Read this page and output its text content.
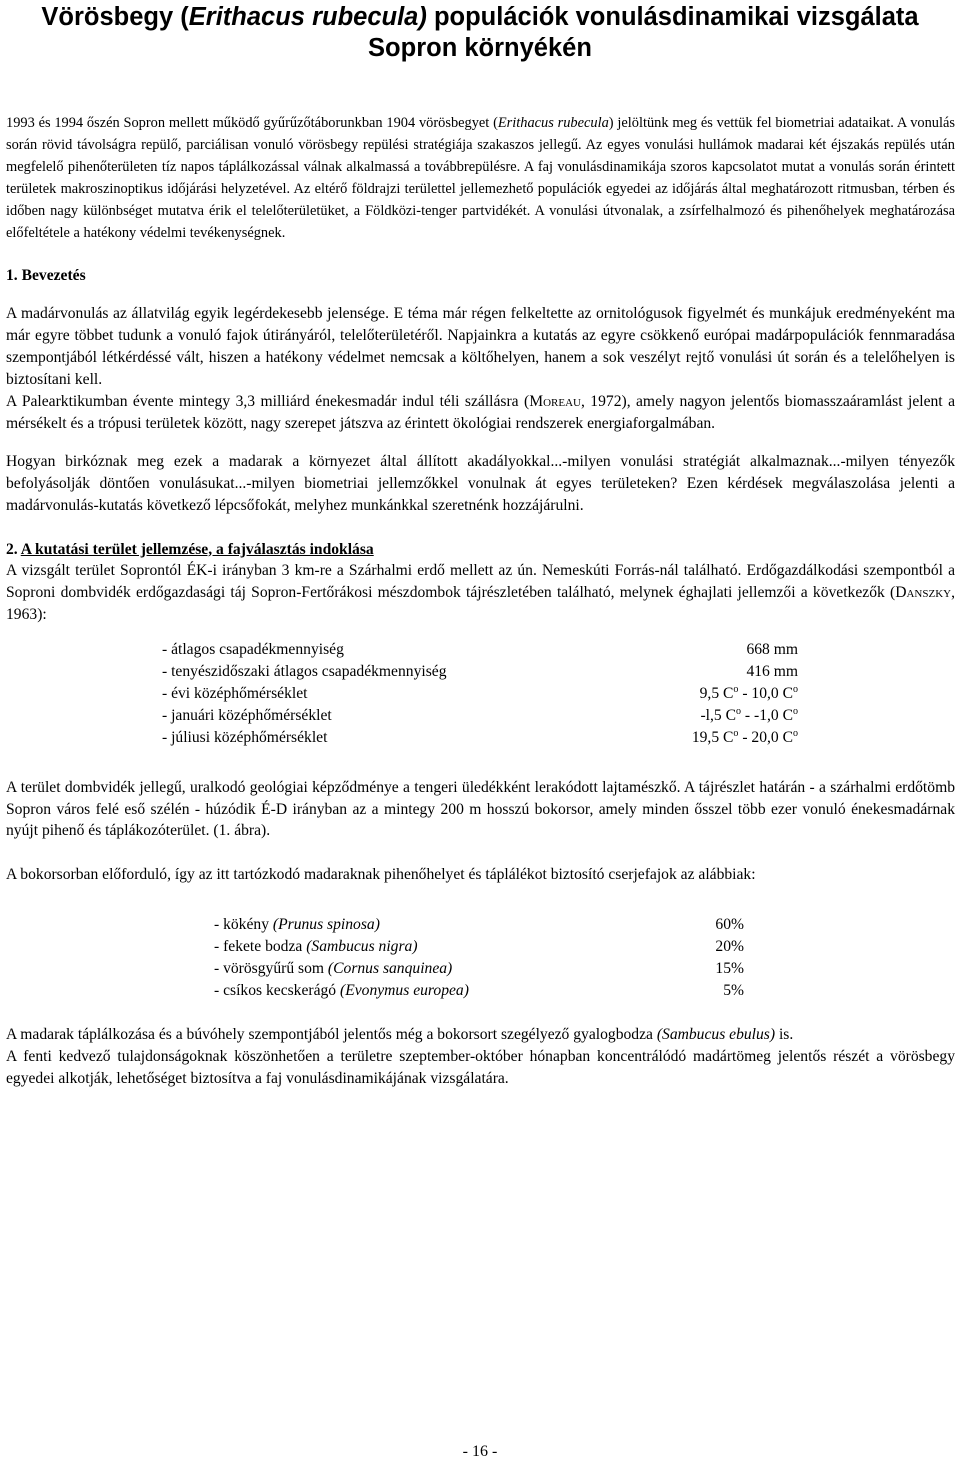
Vörösbegy (Erithacus rubecula) populációk vonulásdinamikai vizsgálata
Sopron környékén

1993 és 1994 őszén Sopron mellett működő gyűrűzőtáborunkban 1904 vörösbegyet (Erithacus rubecula) jelöltünk meg és vettük fel biometriai adataikat. A vonulás során rövid távolságra repülő, parciálisan vonuló vörösbegy repülési stratégiája szakaszos jellegű. Az egyes vonulási hullámok madarai két éjszakás repülés után megfelelő pihenőterületen tíz napos táplálkozással válnak alkalmassá a továbbrepülésre. A faj vonulásdinamikája szoros kapcsolatot mutat a vonulás során érintett területek makroszinoptikus időjárási helyzetével. Az eltérő földrajzi területtel jellemezhető populációk egyedei az időjárás által meghatározott ritmusban, térben és időben nagy különbséget mutatva érik el telelőterületüket, a Földközi-tenger partvidékét. A vonulási útvonalak, a zsírfelhalmozó és pihenőhelyek meghatározása előfeltétele a hatékony védelmi tevékenységnek.

1. Bevezetés

A madárvonulás az állatvilág egyik legérdekesebb jelensége. E téma már régen felkeltette az ornitológusok figyelmét és munkájuk eredményeként ma már egyre többet tudunk a vonuló fajok útirányáról, telelőterületéről. Napjainkra a kutatás az egyre csökkenő európai madárpopulációk fennmaradása szempontjából létkérdéssé vált, hiszen a hatékony védelmet nemcsak a költőhelyen, hanem a sok veszélyt rejtő vonulási út során és a telelőhelyen is biztosítani kell.

A Palearktikumban évente mintegy 3,3 milliárd énekesmadár indul téli szállásra (Moreau, 1972), amely nagyon jelentős biomasszaáramlást jelent a mérsékelt és a trópusi területek között, nagy szerepet játszva az érintett ökológiai rendszerek energiaforgalmában.

Hogyan birkóznak meg ezek a madarak a környezet által állított akadályokkal...-milyen vonulási stratégiát alkalmaznak...-milyen tényezők befolyásolják döntően vonulásukat...-milyen biometriai jellemzőkkel vonulnak át egyes területeken? Ezen kérdések megválaszolása jelenti a madárvonulás-kutatás következő lépcsőfokát, melyhez munkánkkal szeretnénk hozzájárulni.

2. A kutatási terület jellemzése, a fajválasztás indoklása

A vizsgált terület Soprontól ÉK-i irányban 3 km-re a Szárhalmi erdő mellett az ún. Nemeskúti Forrás-nál található. Erdőgazdálkodási szempontból a Soproni dombvidék erdőgazdasági táj Sopron-Fertőrákosi mészdombok tájrészletében található, melynek éghajlati jellemzői a következők (Danszky, 1963):

- átlagos csapadékmennyiség	668 mm
- tenyészidőszaki átlagos csapadékmennyiség	416 mm
- évi középhőmérséklet	9,5 $C^o - 10,0$ $C^o$
- januári középhőmérséklet	-l,5 $C^o - -1,0$ $C^o$
- júliusi középhőmérséklet	19,5 $C^o - 20,0$ $C^o$

A terület dombvidék jellegű, uralkodó geológiai képződménye a tengeri üledékként lerakódott lajtamészkő. A tájrészlet határán - a szárhalmi erdőtömb Sopron város felé eső szélén - húzódik É-D irányban az a mintegy 200 m hosszú bokorsor, amely minden ősszel több ezer vonuló énekesmadárnak nyújt pihenő és táplákozóterület. (1. ábra).

A bokorsorban előforduló, így az itt tartózkodó madaraknak pihenőhelyet és táplálékot biztosító cserjefajok az alábbiak:

- kökény (Prunus spinosa)	60%
- fekete bodza (Sambucus nigra)	20%
- vörösgyűrű som (Cornus sanquinea)	15%
- csíkos kecskerágó (Evonymus europea)	5%

A madarak táplálkozása és a búvóhely szempontjából jelentős még a bokorsort szegélyező gyalogbodza (Sambucus ebulus) is.

A fenti kedvező tulajdonságoknak köszönhetően a területre szeptember-október hónapban koncentrálódó madártömeg jelentős részét a vörösbegy egyedei alkotják, lehetőséget biztosítva a faj vonulásdinamikájának vizsgálatára.

- 16 -
